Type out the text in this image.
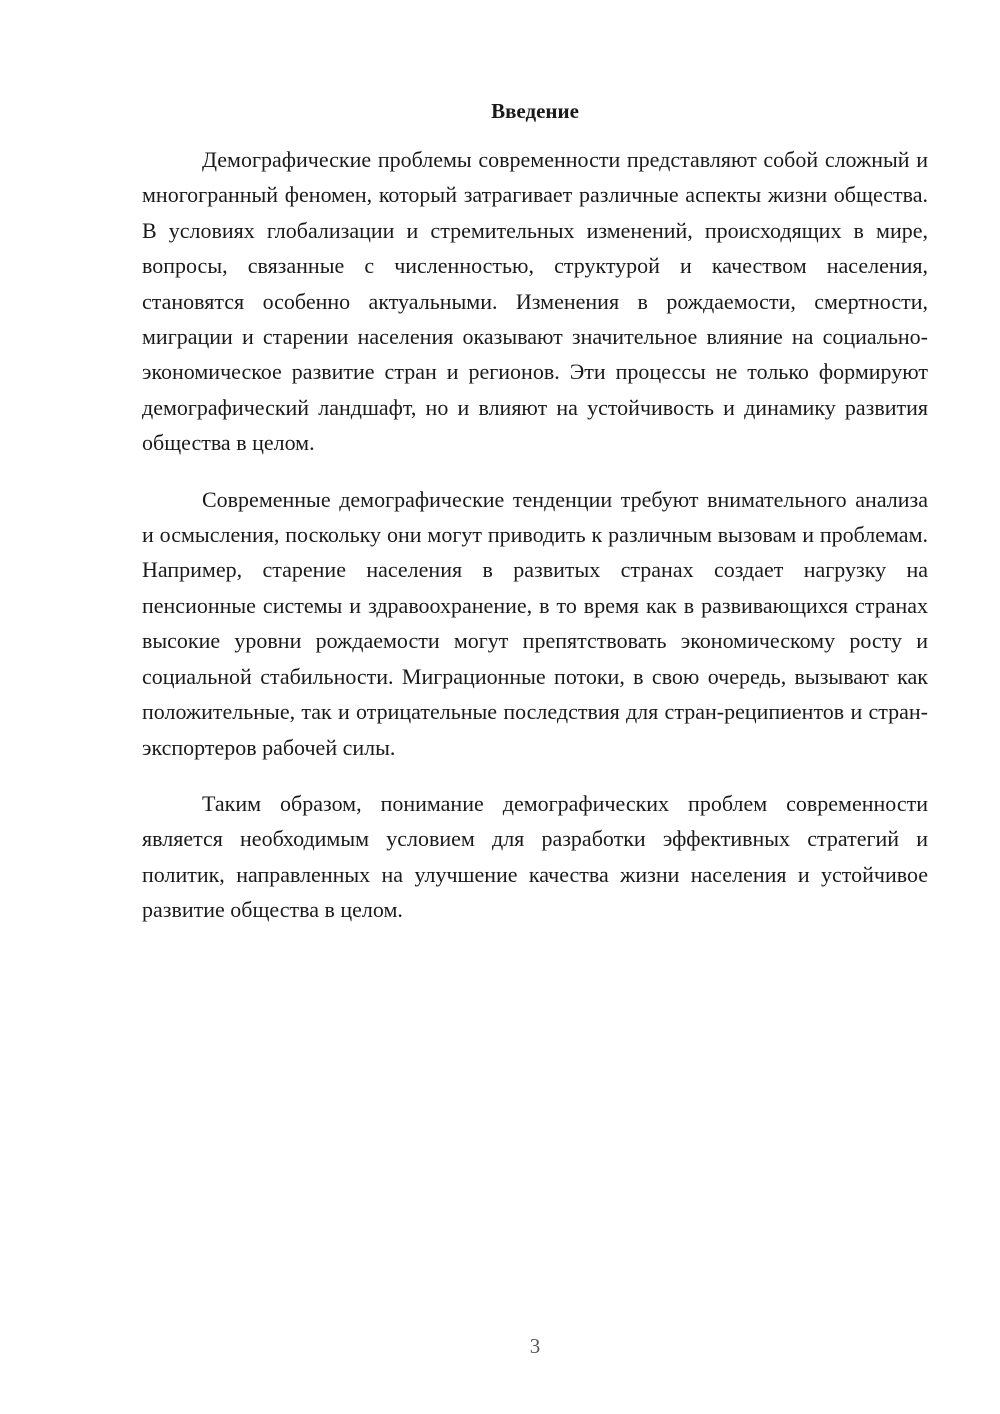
Введение

Демографические проблемы современности представляют собой сложный и многогранный феномен, который затрагивает различные аспекты жизни общества. В условиях глобализации и стремительных изменений, происходящих в мире, вопросы, связанные с численностью, структурой и качеством населения, становятся особенно актуальными. Изменения в рождаемости, смертности, миграции и старении населения оказывают значительное влияние на социально-экономическое развитие стран и регионов. Эти процессы не только формируют демографический ландшафт, но и влияют на устойчивость и динамику развития общества в целом.

Современные демографические тенденции требуют внимательного анализа и осмысления, поскольку они могут приводить к различным вызовам и проблемам. Например, старение населения в развитых странах создает нагрузку на пенсионные системы и здравоохранение, в то время как в развивающихся странах высокие уровни рождаемости могут препятствовать экономическому росту и социальной стабильности. Миграционные потоки, в свою очередь, вызывают как положительные, так и отрицательные последствия для стран-реципиентов и стран-экспортеров рабочей силы.

Таким образом, понимание демографических проблем современности является необходимым условием для разработки эффективных стратегий и политик, направленных на улучшение качества жизни населения и устойчивое развитие общества в целом.

3
